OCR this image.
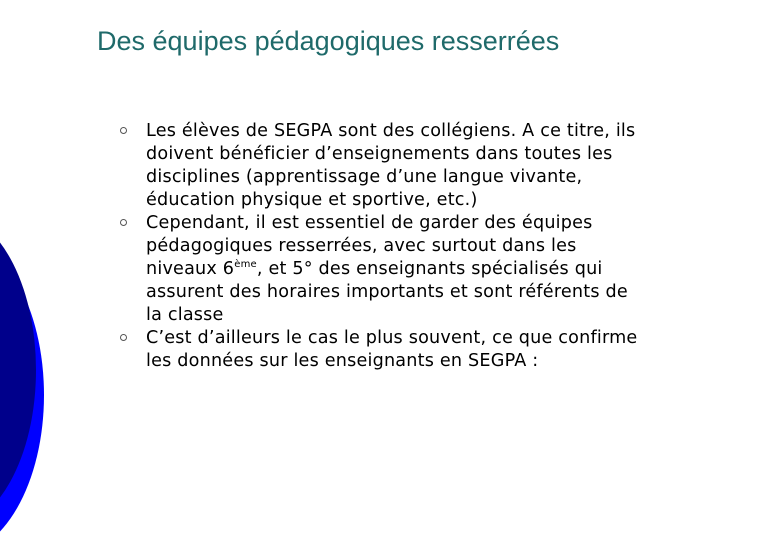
Des équipes pédagogiques resserrées
Les élèves de SEGPA sont des collégiens. A ce titre, ils
doivent bénéficier d’enseignements dans toutes les
disciplines (apprentissage d’une langue vivante,
éducation physique et sportive, etc.)
Cependant, il est essentiel de garder des équipes
pédagogiques resserrées, avec surtout dans les
niveaux 6ème, et 5° des enseignants spécialisés qui
assurent des horaires importants et sont référents de
la classe
C’est d’ailleurs le cas le plus souvent, ce que confirme
les données sur les enseignants en SEGPA :
